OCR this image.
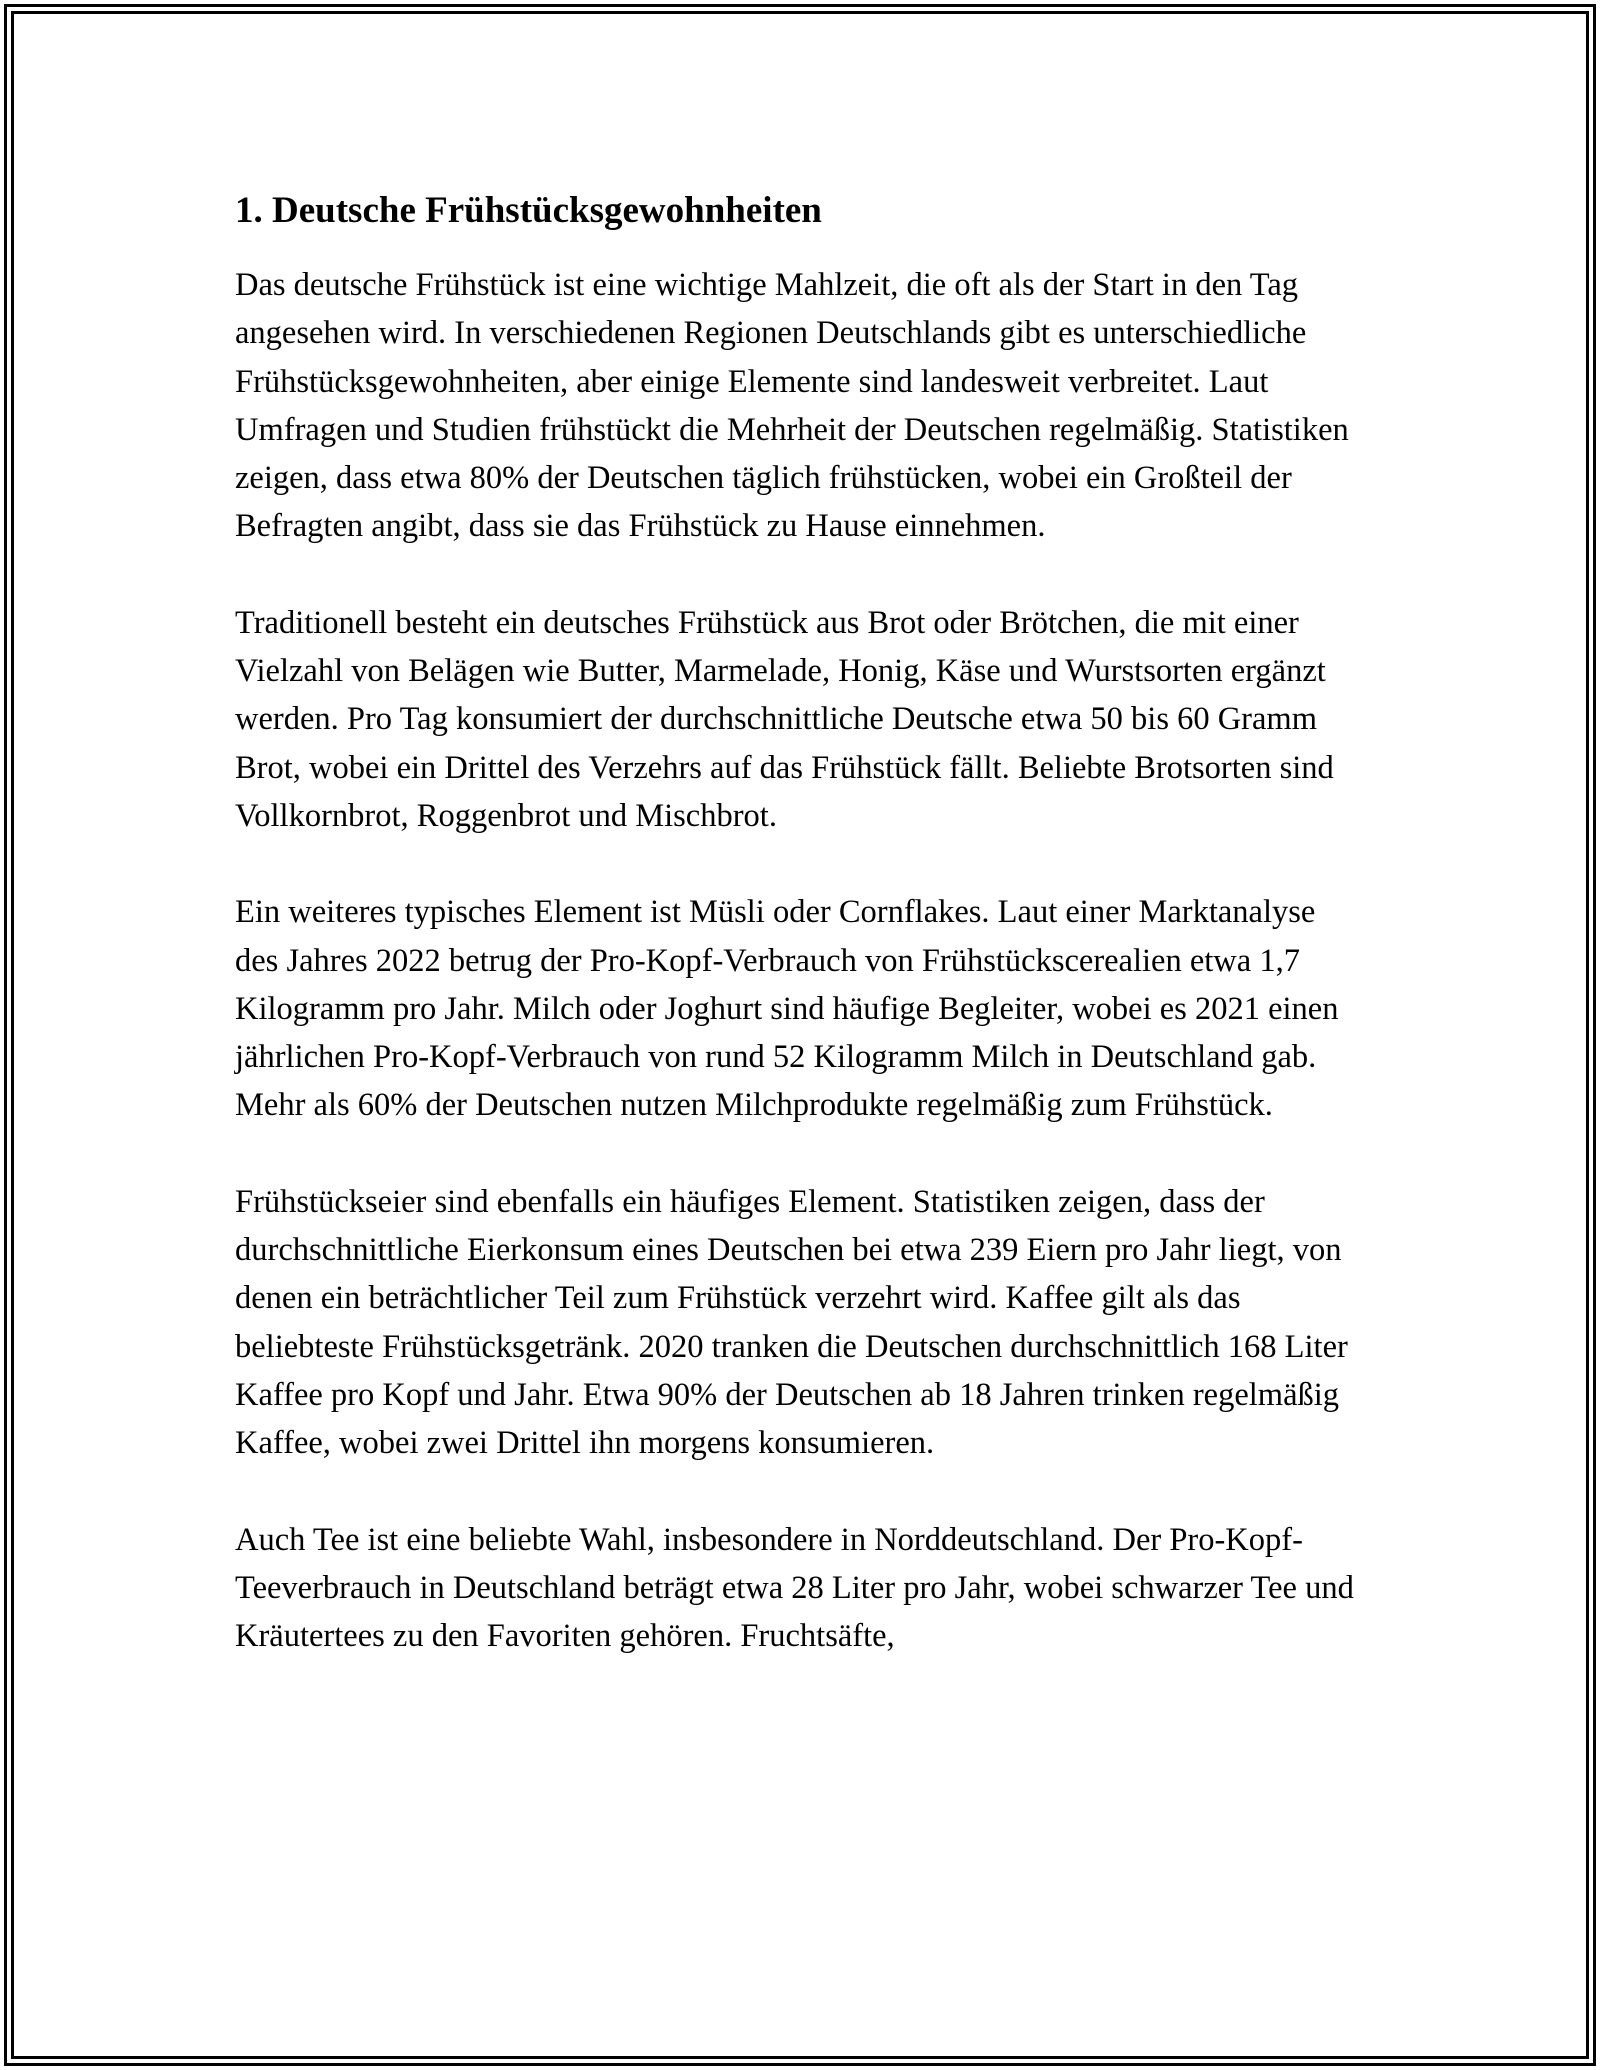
1. Deutsche Frühstücksgewohnheiten

Das deutsche Frühstück ist eine wichtige Mahlzeit, die oft als der Start in den Tag angesehen wird. In verschiedenen Regionen Deutschlands gibt es unterschiedliche Frühstücksgewohnheiten, aber einige Elemente sind landesweit verbreitet. Laut Umfragen und Studien frühstückt die Mehrheit der Deutschen regelmäßig. Statistiken zeigen, dass etwa 80% der Deutschen täglich frühstücken, wobei ein Großteil der Befragten angibt, dass sie das Frühstück zu Hause einnehmen.

Traditionell besteht ein deutsches Frühstück aus Brot oder Brötchen, die mit einer Vielzahl von Belägen wie Butter, Marmelade, Honig, Käse und Wurstsorten ergänzt werden. Pro Tag konsumiert der durchschnittliche Deutsche etwa 50 bis 60 Gramm Brot, wobei ein Drittel des Verzehrs auf das Frühstück fällt. Beliebte Brotsorten sind Vollkornbrot, Roggenbrot und Mischbrot.

Ein weiteres typisches Element ist Müsli oder Cornflakes. Laut einer Marktanalyse des Jahres 2022 betrug der Pro-Kopf-Verbrauch von Frühstückscerealien etwa 1,7 Kilogramm pro Jahr. Milch oder Joghurt sind häufige Begleiter, wobei es 2021 einen jährlichen Pro-Kopf-Verbrauch von rund 52 Kilogramm Milch in Deutschland gab. Mehr als 60% der Deutschen nutzen Milchprodukte regelmäßig zum Frühstück.

Frühstückseier sind ebenfalls ein häufiges Element. Statistiken zeigen, dass der durchschnittliche Eierkonsum eines Deutschen bei etwa 239 Eiern pro Jahr liegt, von denen ein beträchtlicher Teil zum Frühstück verzehrt wird. Kaffee gilt als das beliebteste Frühstücksgetränk. 2020 tranken die Deutschen durchschnittlich 168 Liter Kaffee pro Kopf und Jahr. Etwa 90% der Deutschen ab 18 Jahren trinken regelmäßig Kaffee, wobei zwei Drittel ihn morgens konsumieren.

Auch Tee ist eine beliebte Wahl, insbesondere in Norddeutschland. Der Pro-Kopf-Teeverbrauch in Deutschland beträgt etwa 28 Liter pro Jahr, wobei schwarzer Tee und Kräutertees zu den Favoriten gehören. Fruchtsäfte,
